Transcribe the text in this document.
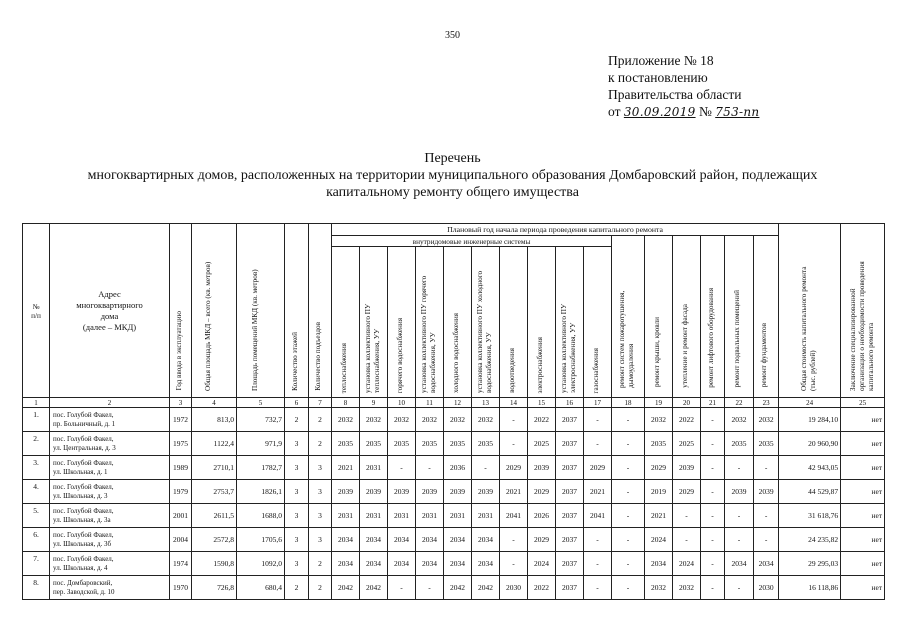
350
Приложение № 18
к постановлению
Правительства области
от 30.09.2019 № 753-пп
Перечень
многоквартирных домов, расположенных на территории муниципального образования Домбаровский район, подлежащих
капитальному ремонту общего имущества
№
п/п	Адрес
многоквартирного
дома
(далее – МКД)	Год ввода в эксплуатацию	Общая площадь МКД – всего (кв. метров)	Площадь помещений МКД (кв. метров)	Количество этажей	Количество подъездов	Плановый год начала периода проведения капитального ремонта																Общая стоимость капитального ремонта (тыс. рублей)	Заключение специализированной организации о необходимости проведения капитального ремонта

							внутридомовые инженерные системы										ремонт систем пожаротушения, дымоудаления	ремонт крыши, кровли	утепление и ремонт фасада	ремонт лифтового оборудования	ремонт подвальных помещений	ремонт фундаментов		

							теплоснабжения	установка коллективного ПУ теплоснабжения, УУ	горячего водоснабжения	установка коллективного ПУ горячего водоснабжения, УУ	холодного водоснабжения	установка коллективного ПУ холодного водоснабжения, УУ	водоотведения	электроснабжения	установка коллективного ПУ электроснабжения, УУ	газоснабжения								

1	2	3	4	5	6	7	8	9	10	11	12	13	14	15	16	17	18	19	20	21	22	23	24	25
1.	пос. Голубой Факел,
пр. Больничный, д. 1	1972	813,0	732,7	2	2	2032	2032	2032	2032	2032	2032	-	2022	2037	-	-	2032	2022	-	2032	2032	19 284,10	нет
2.	пос. Голубой Факел,
ул. Центральная, д. 3	1975	1122,4	971,9	3	2	2035	2035	2035	2035	2035	2035	-	2025	2037	-	-	2035	2025	-	2035	2035	20 960,90	нет
3.	пос. Голубой Факел,
ул. Школьная, д. 1	1989	2710,1	1782,7	3	3	2021	2031	-	-	2036	-	2029	2039	2037	2029	-	2029	2039	-	-	-	42 943,05	нет
4.	пос. Голубой Факел,
ул. Школьная, д. 3	1979	2753,7	1826,1	3	3	2039	2039	2039	2039	2039	2039	2021	2029	2037	2021	-	2019	2029	-	2039	2039	44 529,87	нет
5.	пос. Голубой Факел,
ул. Школьная, д. 3а	2001	2611,5	1688,0	3	3	2031	2031	2031	2031	2031	2031	2041	2026	2037	2041	-	2021	-	-	-	-	31 618,76	нет
6.	пос. Голубой Факел,
ул. Школьная, д. 3б	2004	2572,8	1705,6	3	3	2034	2034	2034	2034	2034	2034	-	2029	2037	-	-	2024	-	-	-	-	24 235,82	нет
7.	пос. Голубой Факел,
ул. Школьная, д. 4	1974	1590,8	1092,0	3	2	2034	2034	2034	2034	2034	2034	-	2024	2037	-	-	2034	2024	-	2034	2034	29 295,03	нет
8.	пос. Домбаровский,
пер. Заводской, д. 10	1970	726,8	680,4	2	2	2042	2042	-	-	2042	2042	2030	2022	2037	-	-	2032	2032	-	-	2030	16 118,86	нет
